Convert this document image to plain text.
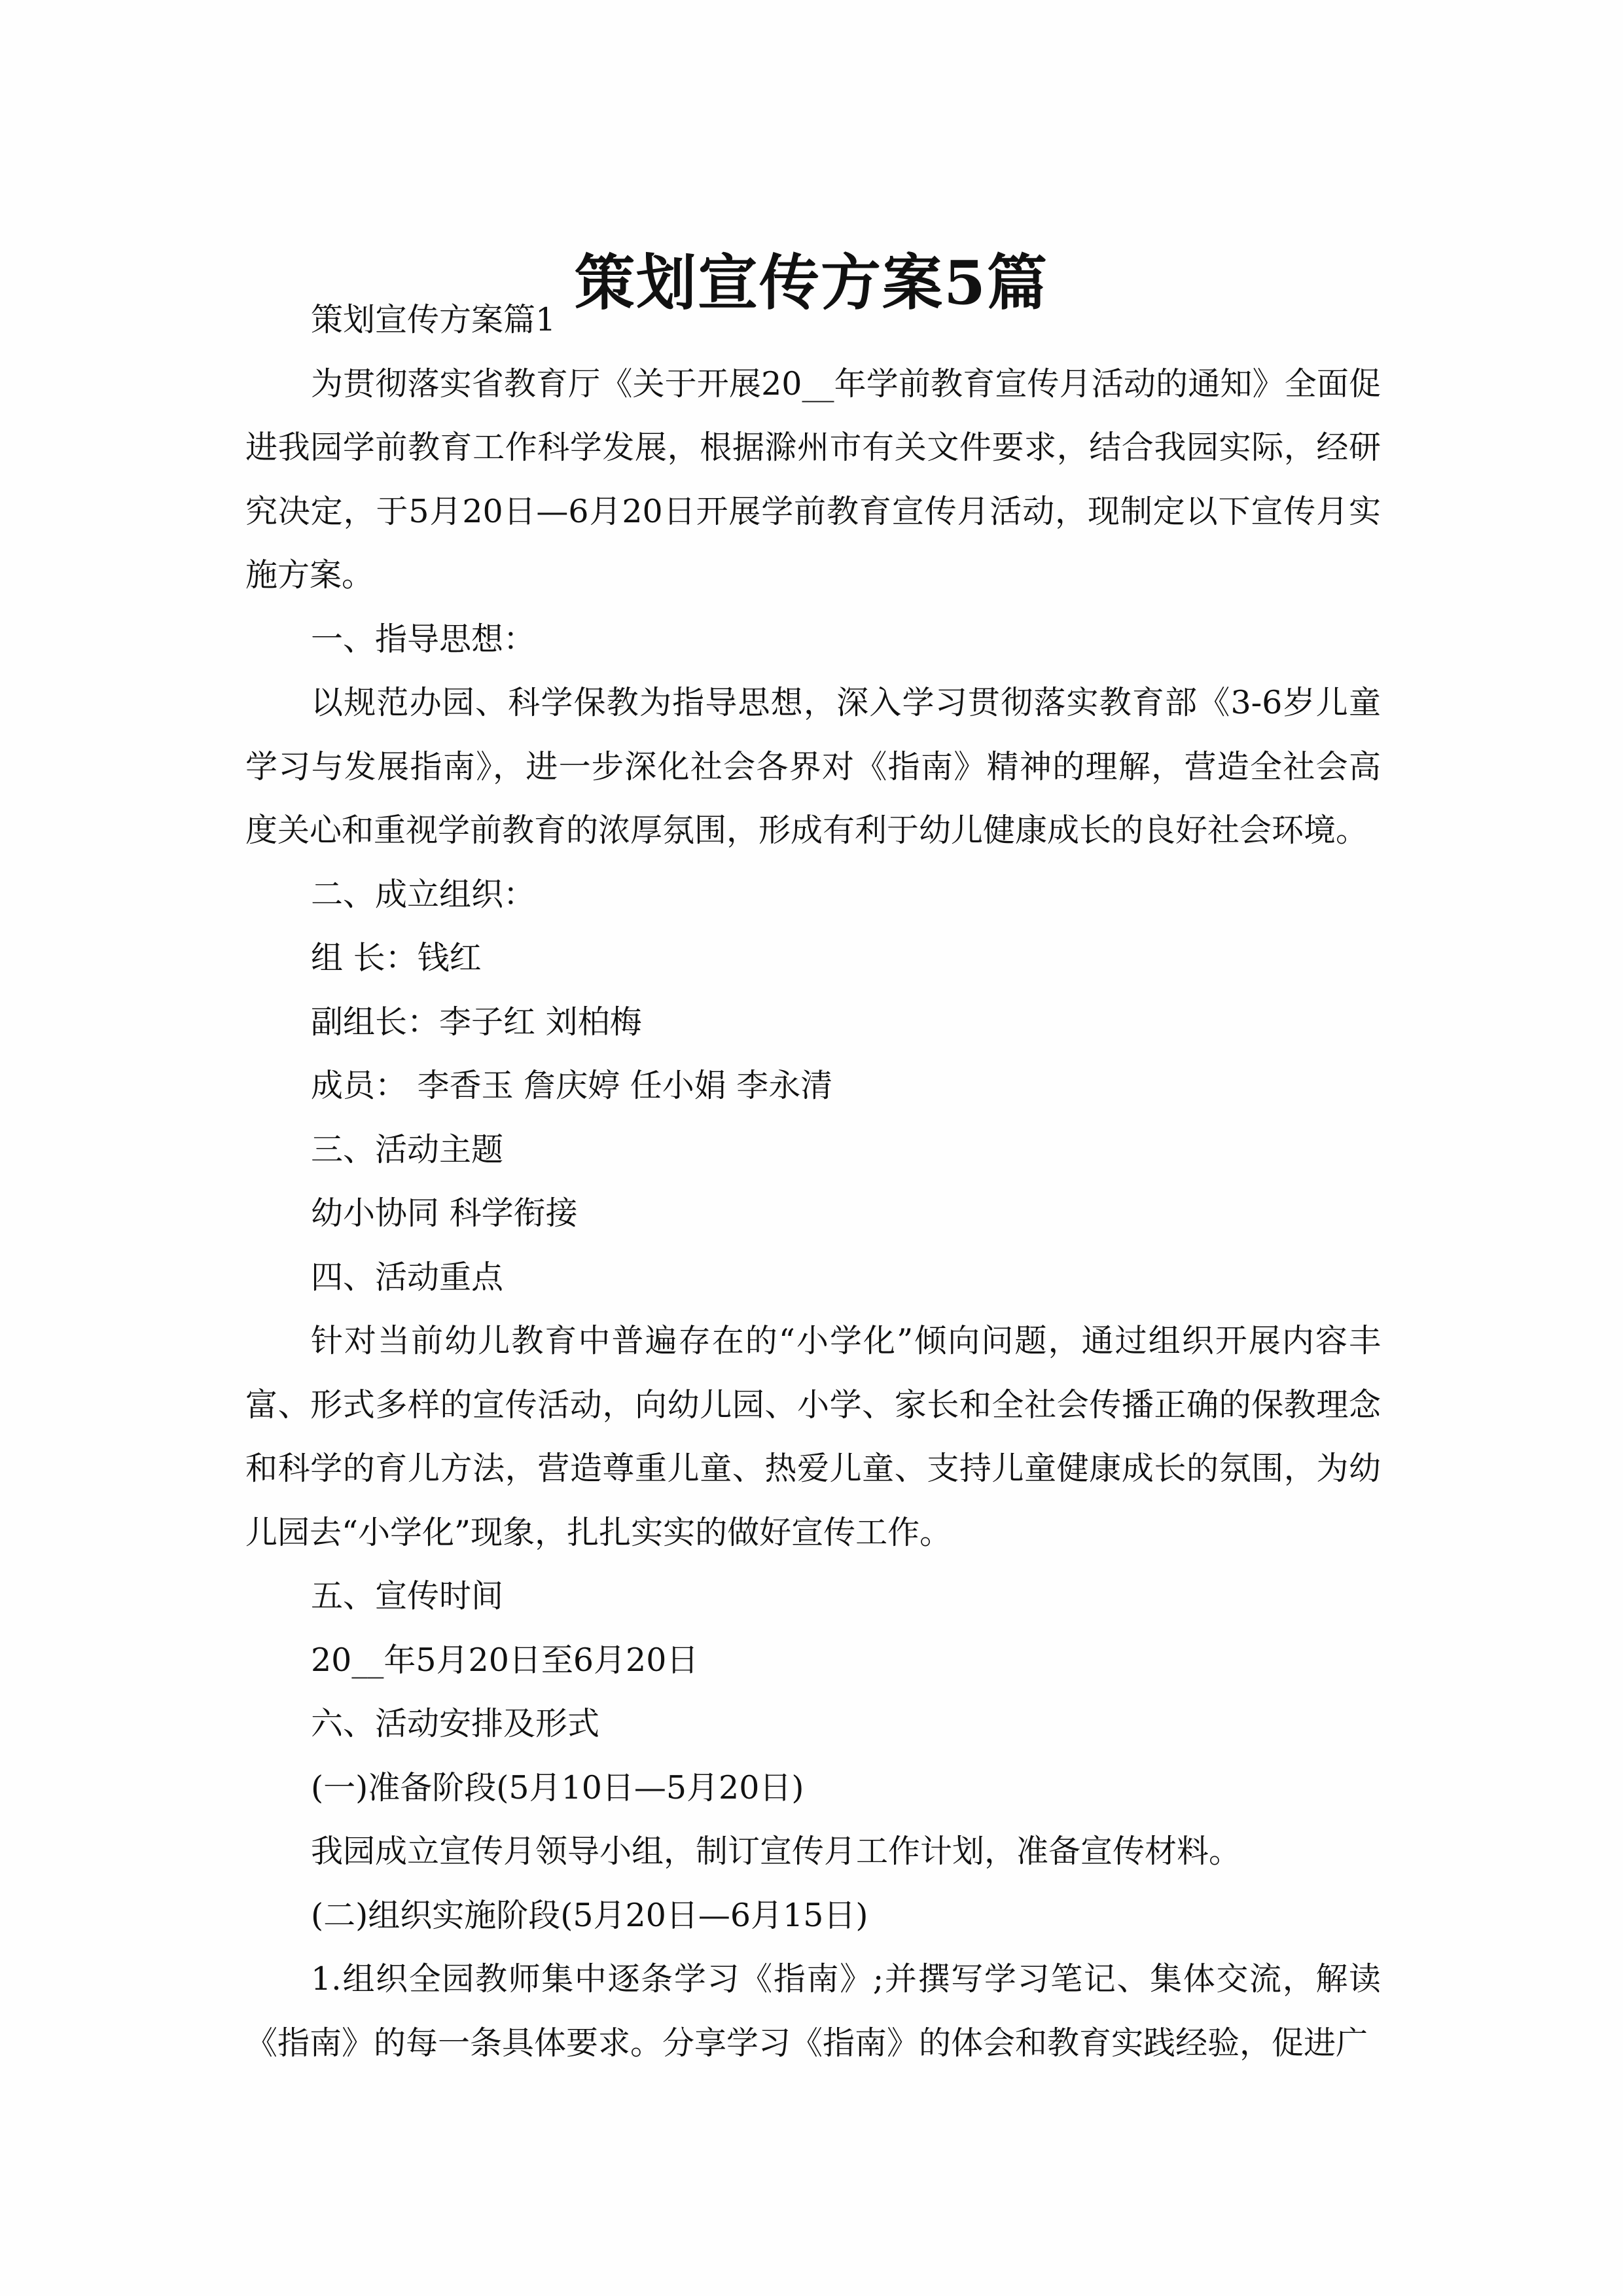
策划宣传方案5篇

策划宣传方案篇1

为贯彻落实省教育厅《关于开展20__年学前教育宣传月活动的通知》全面促进我园学前教育工作科学发展，根据滁州市有关文件要求，结合我园实际，经研究决定，于5月20日—6月20日开展学前教育宣传月活动，现制定以下宣传月实施方案。

一、指导思想：

以规范办园、科学保教为指导思想，深入学习贯彻落实教育部《3-6岁儿童学习与发展指南》，进一步深化社会各界对《指南》精神的理解，营造全社会高度关心和重视学前教育的浓厚氛围，形成有利于幼儿健康成长的良好社会环境。

二、成立组织：

组 长：钱红

副组长：李子红 刘柏梅

成员： 李香玉 詹庆婷 任小娟 李永清

三、活动主题

幼小协同 科学衔接

四、活动重点

针对当前幼儿教育中普遍存在的“小学化”倾向问题，通过组织开展内容丰富、形式多样的宣传活动，向幼儿园、小学、家长和全社会传播正确的保教理念和科学的育儿方法，营造尊重儿童、热爱儿童、支持儿童健康成长的氛围，为幼儿园去“小学化”现象，扎扎实实的做好宣传工作。

五、宣传时间

20__年5月20日至6月20日

六、活动安排及形式

(一)准备阶段(5月10日—5月20日)

我园成立宣传月领导小组，制订宣传月工作计划，准备宣传材料。

(二)组织实施阶段(5月20日—6月15日)

1.组织全园教师集中逐条学习《指南》;并撰写学习笔记、集体交流，解读《指南》的每一条具体要求。分享学习《指南》的体会和教育实践经验，促进广
